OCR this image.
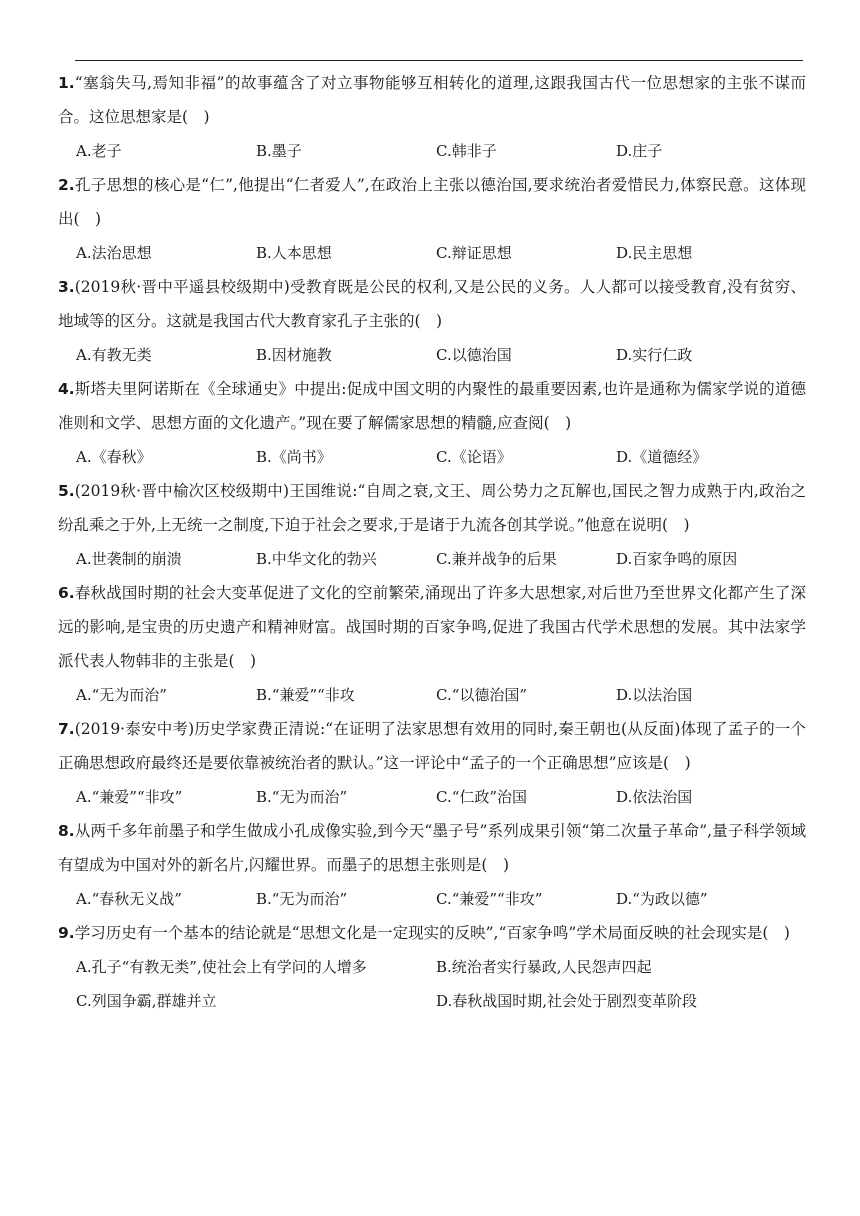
1.“塞翁失马,焉知非福”的故事蕴含了对立事物能够互相转化的道理,这跟我国古代一位思想家的主张不谋而合。这位思想家是(　)
A.老子	B.墨子	C.韩非子	D.庄子
2.孔子思想的核心是“仁”,他提出“仁者爱人”,在政治上主张以德治国,要求统治者爱惜民力,体察民意。这体现出(　)
A.法治思想	B.人本思想	C.辩证思想	D.民主思想
3.(2019秋·晋中平遥县校级期中)受教育既是公民的权利,又是公民的义务。人人都可以接受教育,没有贫穷、地域等的区分。这就是我国古代大教育家孔子主张的(　)
A.有教无类	B.因材施教	C.以德治国	D.实行仁政
4.斯塔夫里阿诺斯在《全球通史》中提出:促成中国文明的内聚性的最重要因素,也许是通称为儒家学说的道德准则和文学、思想方面的文化遗产。”现在要了解儒家思想的精髓,应查阅(　)
A.《春秋》	B.《尚书》	C.《论语》	D.《道德经》
5.(2019秋·晋中榆次区校级期中)王国维说:“自周之衰,文王、周公势力之瓦解也,国民之智力成熟于内,政治之纷乱乘之于外,上无统一之制度,下迫于社会之要求,于是诸于九流各创其学说。”他意在说明(　)
A.世袭制的崩溃	B.中华文化的勃兴	C.兼并战争的后果	D.百家争鸣的原因
6.春秋战国时期的社会大变革促进了文化的空前繁荣,涌现出了许多大思想家,对后世乃至世界文化都产生了深远的影响,是宝贵的历史遗产和精神财富。战国时期的百家争鸣,促进了我国古代学术思想的发展。其中法家学派代表人物韩非的主张是(　)
A.“无为而治”	B.“兼爱”“非攻	C.“以德治国”	D.以法治国
7.(2019·泰安中考)历史学家费正清说:“在证明了法家思想有效用的同时,秦王朝也(从反面)体现了孟子的一个正确思想政府最终还是要依靠被统治者的默认。”这一评论中“孟子的一个正确思想”应该是(　)
A.“兼爱”“非攻”	B.“无为而治”	C.“仁政”治国	D.依法治国
8.从两千多年前墨子和学生做成小孔成像实验,到今天“墨子号”系列成果引领“第二次量子革命”,量子科学领域有望成为中国对外的新名片,闪耀世界。而墨子的思想主张则是(　)
A.“春秋无义战”	B.“无为而治”	C.“兼爱”“非攻”	D.“为政以德”
9.学习历史有一个基本的结论就是“思想文化是一定现实的反映”,“百家争鸣”学术局面反映的社会现实是(　)
A.孔子“有教无类”,使社会上有学问的人增多	B.统治者实行暴政,人民怨声四起
C.列国争霸,群雄并立	D.春秋战国时期,社会处于剧烈变革阶段
